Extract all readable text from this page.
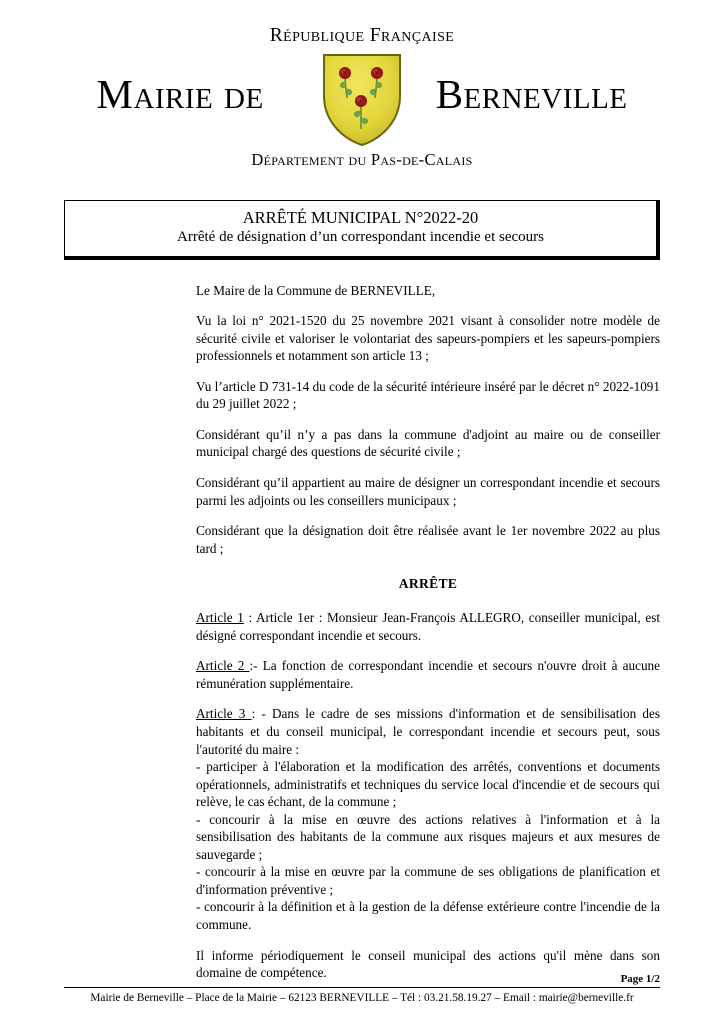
République Française
Mairie de	Berneville
Département du Pas-de-Calais
ARRÊTÉ MUNICIPAL N°2022-20
Arrêté de désignation d’un correspondant incendie et secours

Le Maire de la Commune de BERNEVILLE,

Vu la loi n° 2021-1520 du 25 novembre 2021 visant à consolider notre modèle de sécurité civile et valoriser le volontariat des sapeurs-pompiers et les sapeurs-pompiers professionnels et notamment son article 13 ;

Vu l’article D 731-14 du code de la sécurité intérieure inséré par le décret n° 2022-1091 du 29 juillet 2022 ;

Considérant qu’il n’y a pas dans la commune d'adjoint au maire ou de conseiller municipal chargé des questions de sécurité civile ;

Considérant qu’il appartient au maire de désigner un correspondant incendie et secours parmi les adjoints ou les conseillers municipaux ;

Considérant que la désignation doit être réalisée avant le 1er novembre 2022 au plus tard ;

ARRÊTE

Article 1 : Article 1er : Monsieur Jean-François ALLEGRO, conseiller municipal, est désigné correspondant incendie et secours.

Article 2 :- La fonction de correspondant incendie et secours n'ouvre droit à aucune rémunération supplémentaire.

Article 3 : - Dans le cadre de ses missions d'information et de sensibilisation des habitants et du conseil municipal, le correspondant incendie et secours peut, sous l'autorité du maire :

- participer à l'élaboration et la modification des arrêtés, conventions et documents opérationnels, administratifs et techniques du service local d'incendie et de secours qui relève, le cas échant, de la commune ;

- concourir à la mise en œuvre des actions relatives à l'information et à la sensibilisation des habitants de la commune aux risques majeurs et aux mesures de sauvegarde ;

- concourir à la mise en œuvre par la commune de ses obligations de planification et d'information préventive ;

- concourir à la définition et à la gestion de la défense extérieure contre l'incendie de la commune.

Il informe périodiquement le conseil municipal des actions qu'il mène dans son domaine de compétence.	Page 1/2
Mairie de Berneville – Place de la Mairie – 62123 BERNEVILLE – Tél : 03.21.58.19.27 – Email : mairie@berneville.fr
